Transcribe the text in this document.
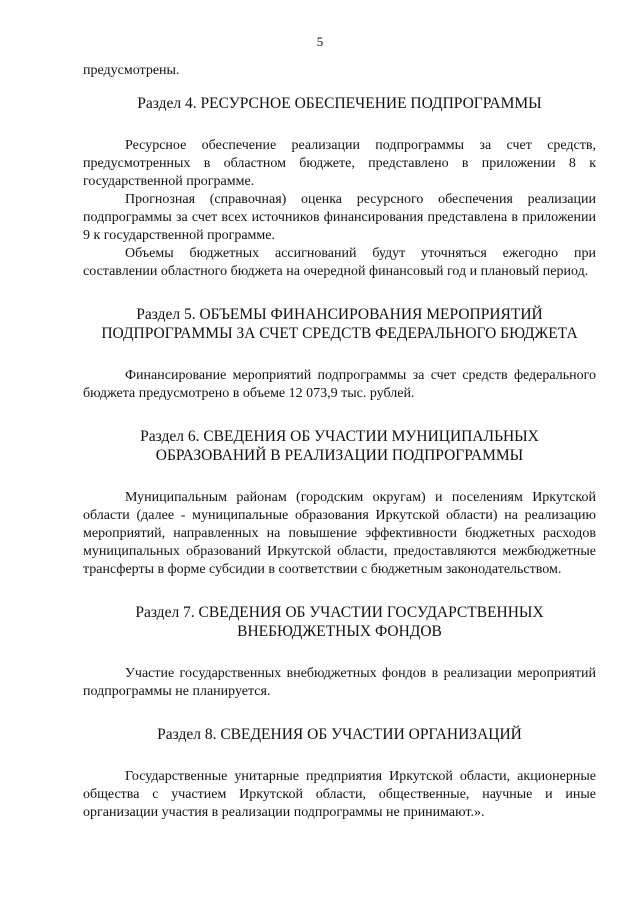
5

предусмотрены.

Раздел 4. РЕСУРСНОЕ ОБЕСПЕЧЕНИЕ ПОДПРОГРАММЫ

Ресурсное обеспечение реализации подпрограммы за счет средств, предусмотренных в областном бюджете, представлено в приложении 8 к государственной программе.

Прогнозная (справочная) оценка ресурсного обеспечения реализации подпрограммы за счет всех источников финансирования представлена в приложении 9 к государственной программе.

Объемы бюджетных ассигнований будут уточняться ежегодно при составлении областного бюджета на очередной финансовый год и плановый период.

Раздел 5. ОБЪЕМЫ ФИНАНСИРОВАНИЯ МЕРОПРИЯТИЙ
ПОДПРОГРАММЫ ЗА СЧЕТ СРЕДСТВ ФЕДЕРАЛЬНОГО БЮДЖЕТА

Финансирование мероприятий подпрограммы за счет средств федерального бюджета предусмотрено в объеме 12 073,9 тыс. рублей.

Раздел 6. СВЕДЕНИЯ ОБ УЧАСТИИ МУНИЦИПАЛЬНЫХ
ОБРАЗОВАНИЙ В РЕАЛИЗАЦИИ ПОДПРОГРАММЫ

Муниципальным районам (городским округам) и поселениям Иркутской области (далее - муниципальные образования Иркутской области) на реализацию мероприятий, направленных на повышение эффективности бюджетных расходов муниципальных образований Иркутской области, предоставляются межбюджетные трансферты в форме субсидии в соответствии с бюджетным законодательством.

Раздел 7. СВЕДЕНИЯ ОБ УЧАСТИИ ГОСУДАРСТВЕННЫХ
ВНЕБЮДЖЕТНЫХ ФОНДОВ

Участие государственных внебюджетных фондов в реализации мероприятий подпрограммы не планируется.

Раздел 8. СВЕДЕНИЯ ОБ УЧАСТИИ ОРГАНИЗАЦИЙ

Государственные унитарные предприятия Иркутской области, акционерные общества с участием Иркутской области, общественные, научные и иные организации участия в реализации подпрограммы не принимают.».
